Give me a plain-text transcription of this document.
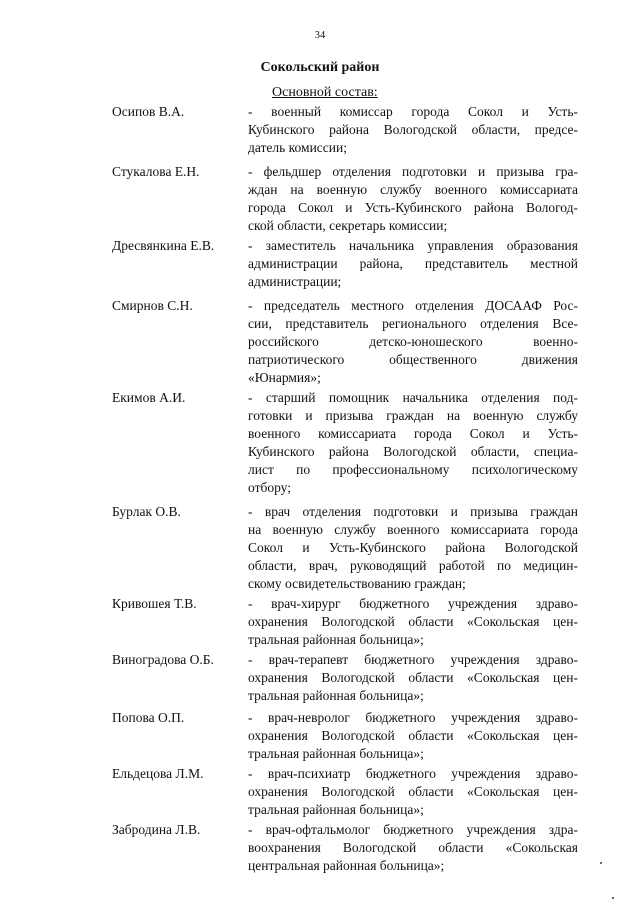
34
Сокольский район
Основной состав:
Осипов В.А.	- военный комиссар города Сокол и Усть-
Кубинского района Вологодской области, предсе-
датель комиссии;
Стукалова Е.Н.	- фельдшер отделения подготовки и призыва гра-
ждан на военную службу военного комиссариата
города Сокол и Усть-Кубинского района Вологод-
ской области, секретарь комиссии;
Дресвянкина Е.В.	- заместитель начальника управления образования
администрации района, представитель местной
администрации;
Смирнов С.Н.	- председатель местного отделения ДОСААФ Рос-
сии, представитель регионального отделения Все-
российского детско-юношеского военно-
патриотического общественного движения
«Юнармия»;
Екимов А.И.	- старший помощник начальника отделения под-
готовки и призыва граждан на военную службу
военного комиссариата города Сокол и Усть-
Кубинского района Вологодской области, специа-
лист по профессиональному психологическому
отбору;
Бурлак О.В.	- врач отделения подготовки и призыва граждан
на военную службу военного комиссариата города
Сокол и Усть-Кубинского района Вологодской
области, врач, руководящий работой по медицин-
скому освидетельствованию граждан;
Кривошея Т.В.	- врач-хирург бюджетного учреждения здраво-
охранения Вологодской области «Сокольская цен-
тральная районная больница»;
Виноградова О.Б.	- врач-терапевт бюджетного учреждения здраво-
охранения Вологодской области «Сокольская цен-
тральная районная больница»;
Попова О.П.	- врач-невролог бюджетного учреждения здраво-
охранения Вологодской области «Сокольская цен-
тральная районная больница»;
Ельдецова Л.М.	- врач-психиатр бюджетного учреждения здраво-
охранения Вологодской области «Сокольская цен-
тральная районная больница»;
Забродина Л.В.	- врач-офтальмолог бюджетного учреждения здра-
воохранения Вологодской области «Сокольская
центральная районная больница»;
